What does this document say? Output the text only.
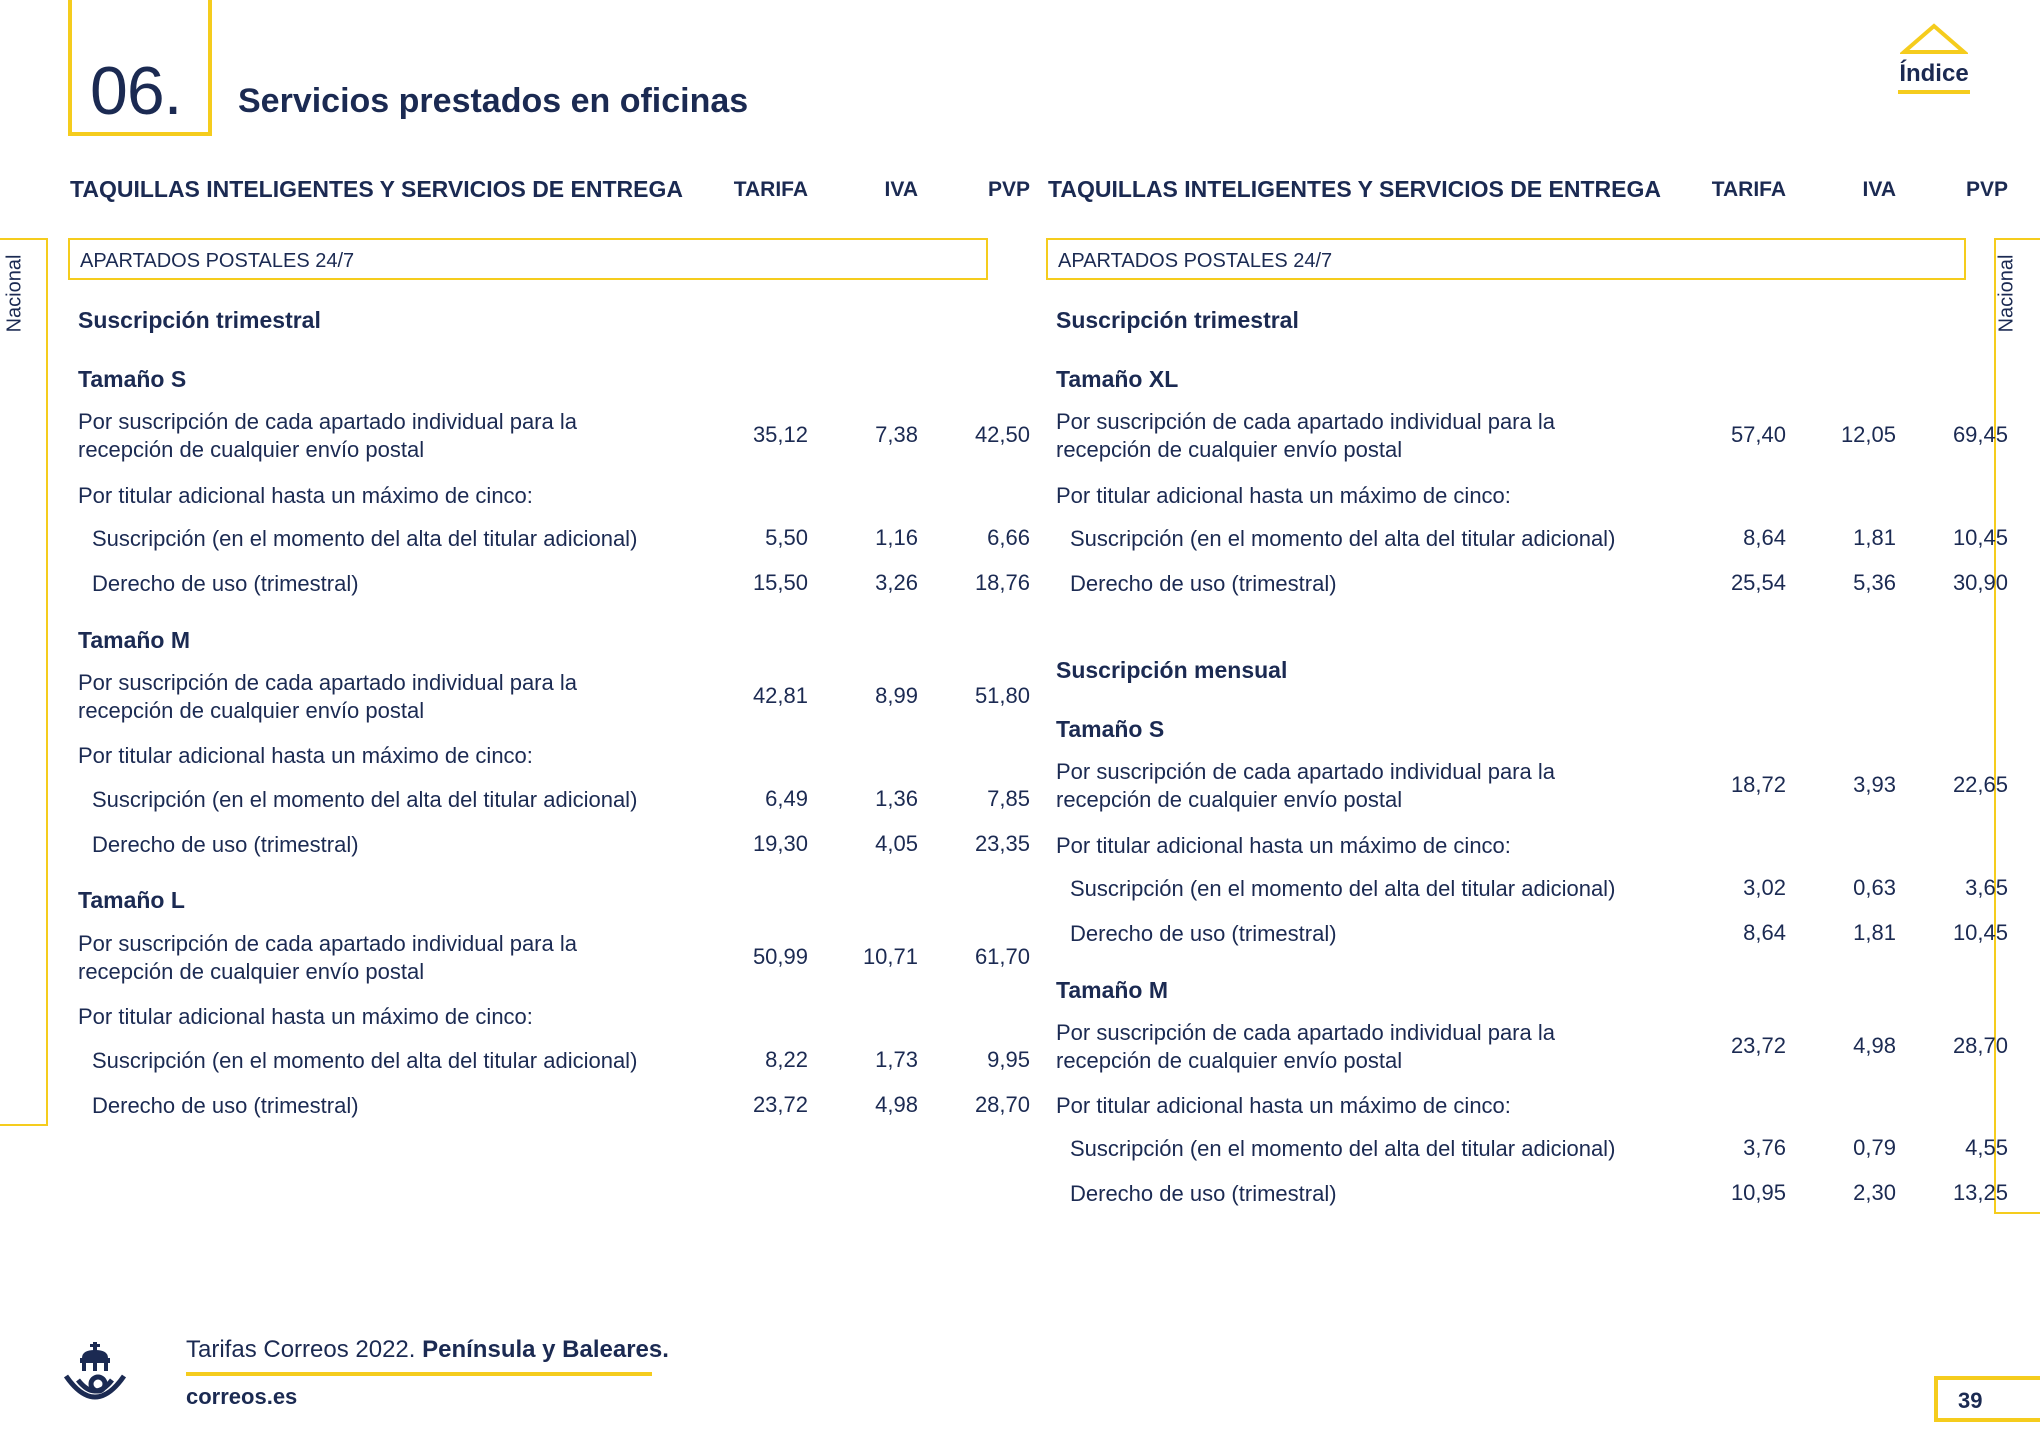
06. Servicios prestados en oficinas
Índice
Nacional	Nacional
TAQUILLAS INTELIGENTES Y SERVICIOS DE ENTREGA	TARIFA	IVA	PVP
APARTADOS POSTALES 24/7
Suscripción trimestral
Tamaño S
Por suscripción de cada apartado individual para la recepción de cualquier envío postal
35,12	7,38	42,50
Por titular adicional hasta un máximo de cinco:
Suscripción (en el momento del alta del titular adicional)	5,50	1,16	6,66
Derecho de uso (trimestral)	15,50	3,26	18,76
Tamaño M
Por suscripción de cada apartado individual para la recepción de cualquier envío postal
42,81	8,99	51,80
Por titular adicional hasta un máximo de cinco:
Suscripción (en el momento del alta del titular adicional)	6,49	1,36	7,85
Derecho de uso (trimestral)	19,30	4,05	23,35
Tamaño L
Por suscripción de cada apartado individual para la recepción de cualquier envío postal
50,99	10,71	61,70
Por titular adicional hasta un máximo de cinco:
Suscripción (en el momento del alta del titular adicional)	8,22	1,73	9,95
Derecho de uso (trimestral)	23,72	4,98	28,70
TAQUILLAS INTELIGENTES Y SERVICIOS DE ENTREGA	TARIFA	IVA	PVP
APARTADOS POSTALES 24/7
Suscripción trimestral
Tamaño XL
Por suscripción de cada apartado individual para la recepción de cualquier envío postal
57,40	12,05	69,45
Por titular adicional hasta un máximo de cinco:
Suscripción (en el momento del alta del titular adicional)	8,64	1,81	10,45
Derecho de uso (trimestral)	25,54	5,36	30,90
Suscripción mensual
Tamaño S
Por suscripción de cada apartado individual para la recepción de cualquier envío postal
18,72	3,93	22,65
Por titular adicional hasta un máximo de cinco:
Suscripción (en el momento del alta del titular adicional)	3,02	0,63	3,65
Derecho de uso (trimestral)	8,64	1,81	10,45
Tamaño M
Por suscripción de cada apartado individual para la recepción de cualquier envío postal
23,72	4,98	28,70
Por titular adicional hasta un máximo de cinco:
Suscripción (en el momento del alta del titular adicional)	3,76	0,79	4,55
Derecho de uso (trimestral)	10,95	2,30	13,25
Tarifas Correos 2022. Península y Baleares.
correos.es	39
